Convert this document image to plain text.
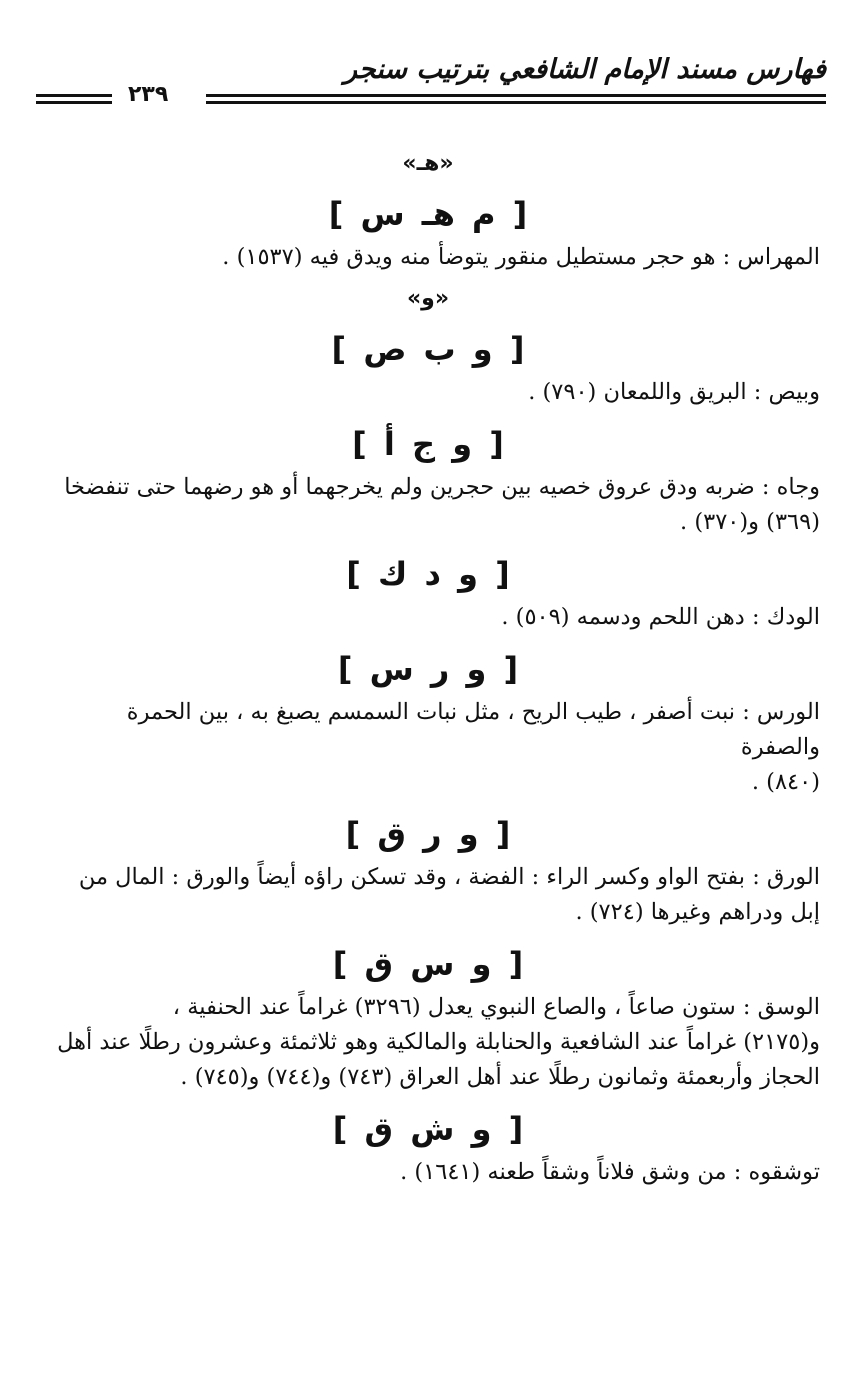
فهارس مسند الإمام الشافعي بترتيب سنجر
٢٣٩
«هـ»
[ م هـ س ]
المهراس : هو حجر مستطيل منقور يتوضأ منه ويدق فيه (١٥٣٧) .
«و»
[ و ب ص ]
وبيص : البريق واللمعان (٧٩٠) .
[ و ج أ ]
وجاه : ضربه ودق عروق خصيه بين حجرين ولم يخرجهما أو هو رضهما حتى تنفضخا
(٣٦٩) و(٣٧٠) .
[ و د ك ]
الودك : دهن اللحم ودسمه (٥٠٩) .
[ و ر س ]
الورس : نبت أصفر ، طيب الريح ، مثل نبات السمسم يصبغ به ، بين الحمرة
والصفرة
(٨٤٠) .
[ و ر ق ]
الورق : بفتح الواو وكسر الراء : الفضة ، وقد تسكن راؤه أيضاً والورق : المال من
إبل ودراهم وغيرها (٧٢٤) .
[ و س ق ]
الوسق : ستون صاعاً ، والصاع النبوي يعدل (٣٢٩٦) غراماً عند الحنفية ،
و(٢١٧٥) غراماً عند الشافعية والحنابلة والمالكية وهو ثلاثمئة وعشرون رطلًا عند أهل
الحجاز وأربعمئة وثمانون رطلًا عند أهل العراق (٧٤٣) و(٧٤٤) و(٧٤٥) .
[ و ش ق ]
توشقوه : من وشق فلاناً وشقاً طعنه (١٦٤١) .
